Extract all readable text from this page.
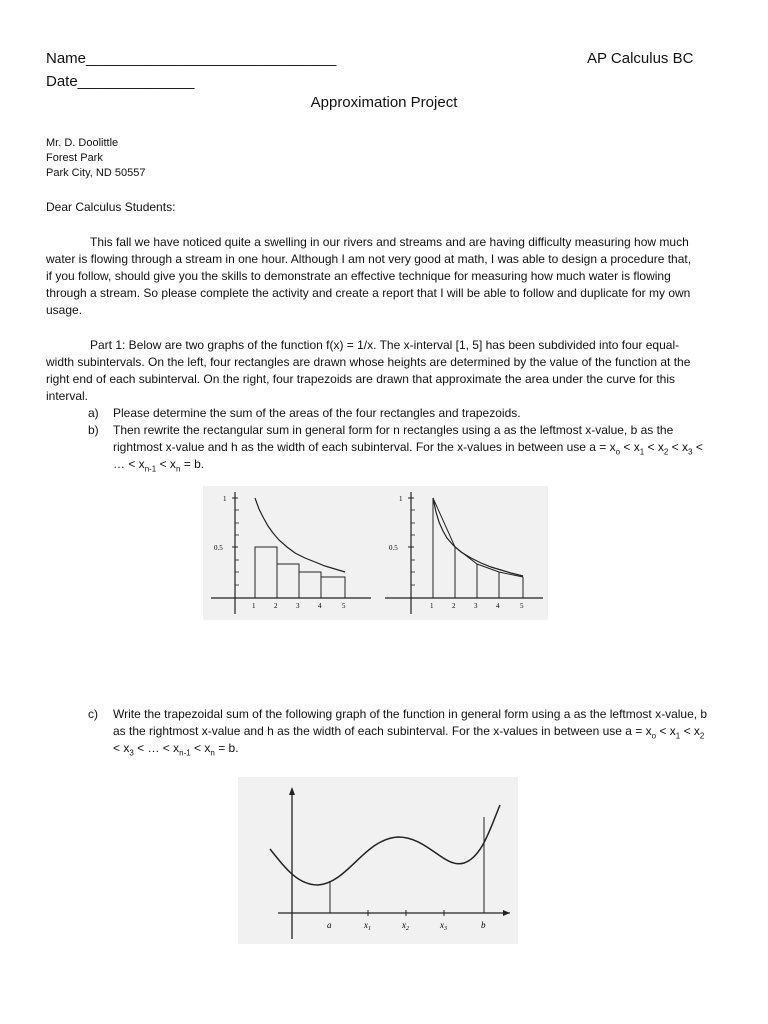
Name______________________________	AP Calculus BC
Date______________
Approximation Project
Mr. D. Doolittle
Forest Park
Park City, ND 50557
Dear Calculus Students:
This fall we have noticed quite a swelling in our rivers and streams and are having difficulty measuring how much water is flowing through a stream in one hour. Although I am not very good at math, I was able to design a procedure that, if you follow, should give you the skills to demonstrate an effective technique for measuring how much water is flowing through a stream. So please complete the activity and create a report that I will be able to follow and duplicate for my own usage.
Part 1: Below are two graphs of the function f(x) = 1/x. The x-interval [1, 5] has been subdivided into four equal-width subintervals. On the left, four rectangles are drawn whose heights are determined by the value of the function at the right end of each subinterval. On the right, four trapezoids are drawn that approximate the area under the curve for this interval.
a)	Please determine the sum of the areas of the four rectangles and trapezoids.
b)	Then rewrite the rectangular sum in general form for n rectangles using a as the leftmost x-value, b as the rightmost x-value and h as the width of each subinterval. For the x-values in between use $a = x_o < x_1 < x_2 < x_3$ < … < $x_{n-1} < x_n = b$.
1
0.5
1	2	3	4	5
1
0.5
1	2	3	4	5
c)	Write the trapezoidal sum of the following graph of the function in general form using a as the leftmost x-value, b as the rightmost x-value and h as the width of each subinterval. For the x-values in between use $a = x_o < x_1 < x_2 < x_3$ < … < $x_{n-1} < x_n = b$.
a	$x_1$	$x_2$	$x_3$	b
